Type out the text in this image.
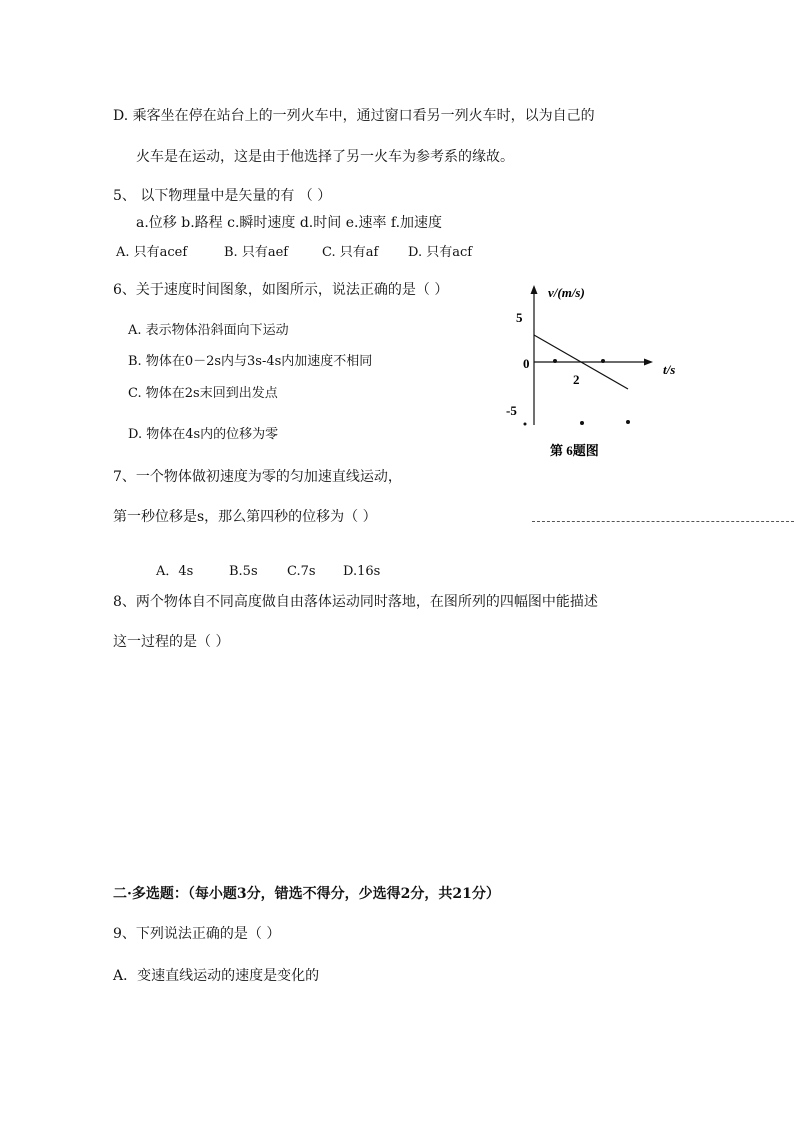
D. 乘客坐在停在站台上的一列火车中，通过窗口看另一列火车时，以为自己的
火车是在运动，这是由于他选择了另一火车为参考系的缘故。
5、 以下物理量中是矢量的有 （ ）
a.位移 b.路程 c.瞬时速度 d.时间 e.速率 f.加速度
A. 只有acef	B. 只有aef	C. 只有af D. 只有acf
6、关于速度时间图象，如图所示，说法正确的是（ ）
A. 表示物体沿斜面向下运动
B. 物体在0－2s内与3s-4s内加速度不相同
C. 物体在2s末回到出发点
D. 物体在4s内的位移为零
v/(m/s)
t/s
5
0
2
-5
第 6题图
7、一个物体做初速度为零的匀加速直线运动，
第一秒位移是s，那么第四秒的位移为（ ）
A．4s	B.5s C.7s D.16s
8、两个物体自不同高度做自由落体运动同时落地，在图所列的四幅图中能描述
这一过程的是（ ）
二·多选题：（每小题3分，错选不得分，少选得2分，共21分）
9、下列说法正确的是（ ）
A．变速直线运动的速度是变化的
